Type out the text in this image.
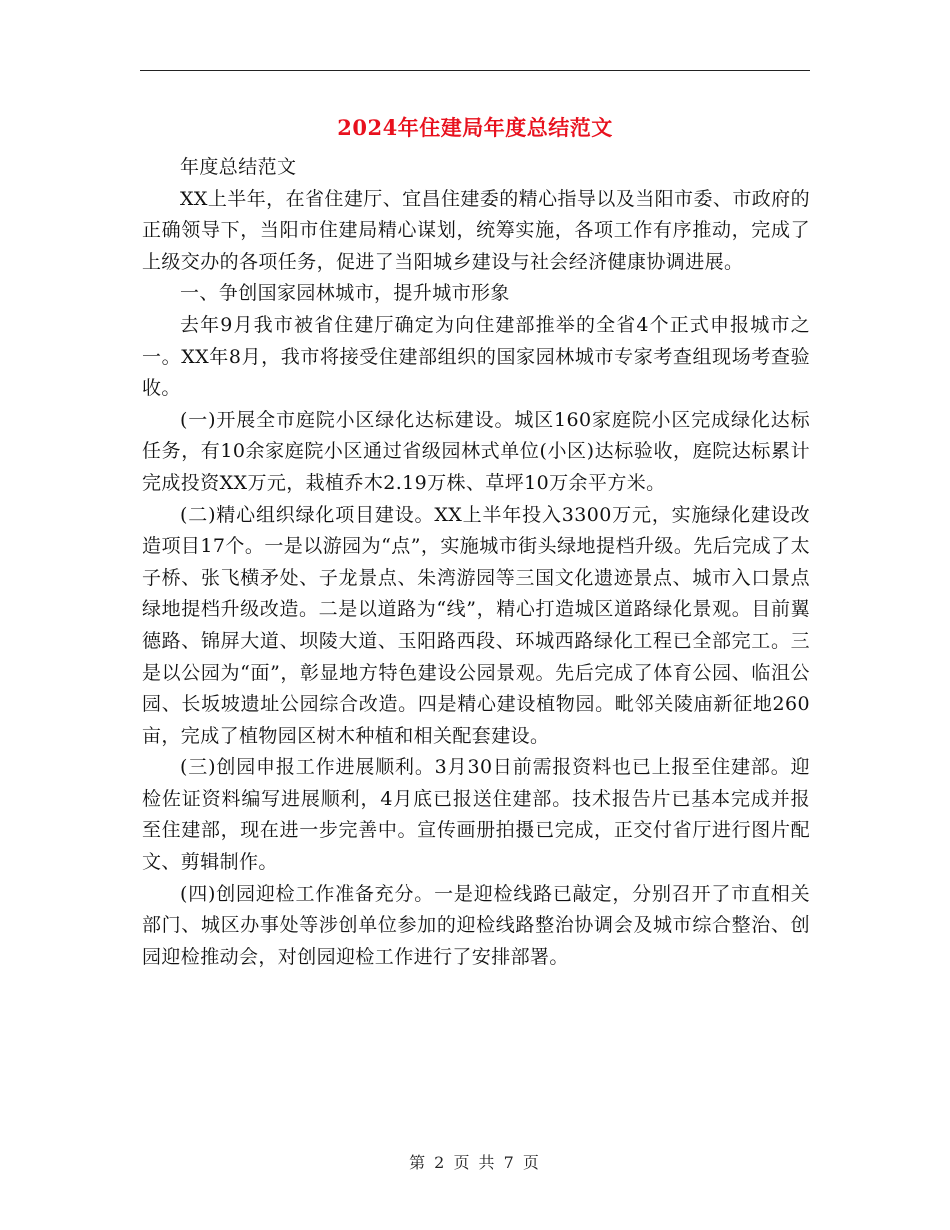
2024年住建局年度总结范文

年度总结范文

XX上半年，在省住建厅、宜昌住建委的精心指导以及当阳市委、市政府的正确领导下，当阳市住建局精心谋划，统筹实施，各项工作有序推动，完成了上级交办的各项任务，促进了当阳城乡建设与社会经济健康协调进展。

一、争创国家园林城市，提升城市形象

去年9月我市被省住建厅确定为向住建部推举的全省4个正式申报城市之一。XX年8月，我市将接受住建部组织的国家园林城市专家考查组现场考查验收。

(一)开展全市庭院小区绿化达标建设。城区160家庭院小区完成绿化达标任务，有10余家庭院小区通过省级园林式单位(小区)达标验收，庭院达标累计完成投资XX万元，栽植乔木2.19万株、草坪10万余平方米。

(二)精心组织绿化项目建设。XX上半年投入3300万元，实施绿化建设改造项目17个。一是以游园为“点”，实施城市街头绿地提档升级。先后完成了太子桥、张飞横矛处、子龙景点、朱湾游园等三国文化遗迹景点、城市入口景点绿地提档升级改造。二是以道路为“线”，精心打造城区道路绿化景观。目前翼德路、锦屏大道、坝陵大道、玉阳路西段、环城西路绿化工程已全部完工。三是以公园为“面”，彰显地方特色建设公园景观。先后完成了体育公园、临沮公园、长坂坡遗址公园综合改造。四是精心建设植物园。毗邻关陵庙新征地260亩，完成了植物园区树木种植和相关配套建设。

(三)创园申报工作进展顺利。3月30日前需报资料也已上报至住建部。迎检佐证资料编写进展顺利，4月底已报送住建部。技术报告片已基本完成并报至住建部，现在进一步完善中。宣传画册拍摄已完成，正交付省厅进行图片配文、剪辑制作。

(四)创园迎检工作准备充分。一是迎检线路已敲定，分别召开了市直相关部门、城区办事处等涉创单位参加的迎检线路整治协调会及城市综合整治、创园迎检推动会，对创园迎检工作进行了安排部署。

第 2 页 共 7 页
